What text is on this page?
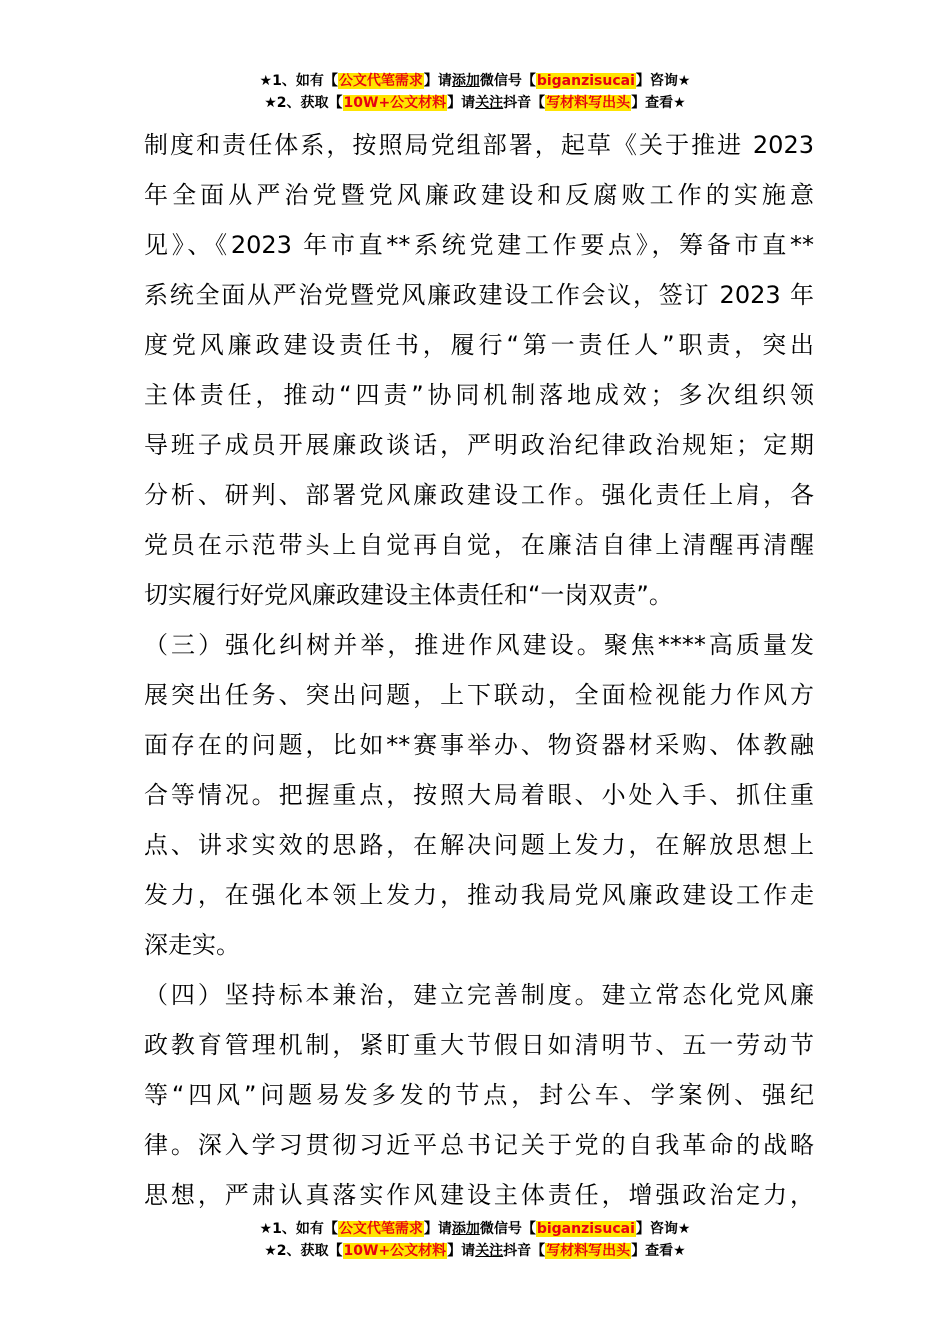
★1、如有【公文代笔需求】请添加微信号【biganzisucai】咨询★
★2、获取【10W+公文材料】请关注抖音【写材料写出头】查看★

制度和责任体系，按照局党组部署，起草《关于推进 2023
年全面从严治党暨党风廉政建设和反腐败工作的实施意
见》、《2023 年市直**系统党建工作要点》，筹备市直**
系统全面从严治党暨党风廉政建设工作会议，签订 2023 年
度党风廉政建设责任书，履行“第一责任人”职责，突出
主体责任，推动“四责”协同机制落地成效；多次组织领
导班子成员开展廉政谈话，严明政治纪律政治规矩；定期
分析、研判、部署党风廉政建设工作。强化责任上肩，各
党员在示范带头上自觉再自觉，在廉洁自律上清醒再清醒
切实履行好党风廉政建设主体责任和“一岗双责”。

（三）强化纠树并举，推进作风建设。聚焦****高质量发
展突出任务、突出问题，上下联动，全面检视能力作风方
面存在的问题，比如**赛事举办、物资器材采购、体教融
合等情况。把握重点，按照大局着眼、小处入手、抓住重
点、讲求实效的思路，在解决问题上发力，在解放思想上
发力，在强化本领上发力，推动我局党风廉政建设工作走
深走实。

（四）坚持标本兼治，建立完善制度。建立常态化党风廉
政教育管理机制，紧盯重大节假日如清明节、五一劳动节
等“四风”问题易发多发的节点，封公车、学案例、强纪
律。深入学习贯彻习近平总书记关于党的自我革命的战略
思想，严肃认真落实作风建设主体责任，增强政治定力，

★1、如有【公文代笔需求】请添加微信号【biganzisucai】咨询★
★2、获取【10W+公文材料】请关注抖音【写材料写出头】查看★
